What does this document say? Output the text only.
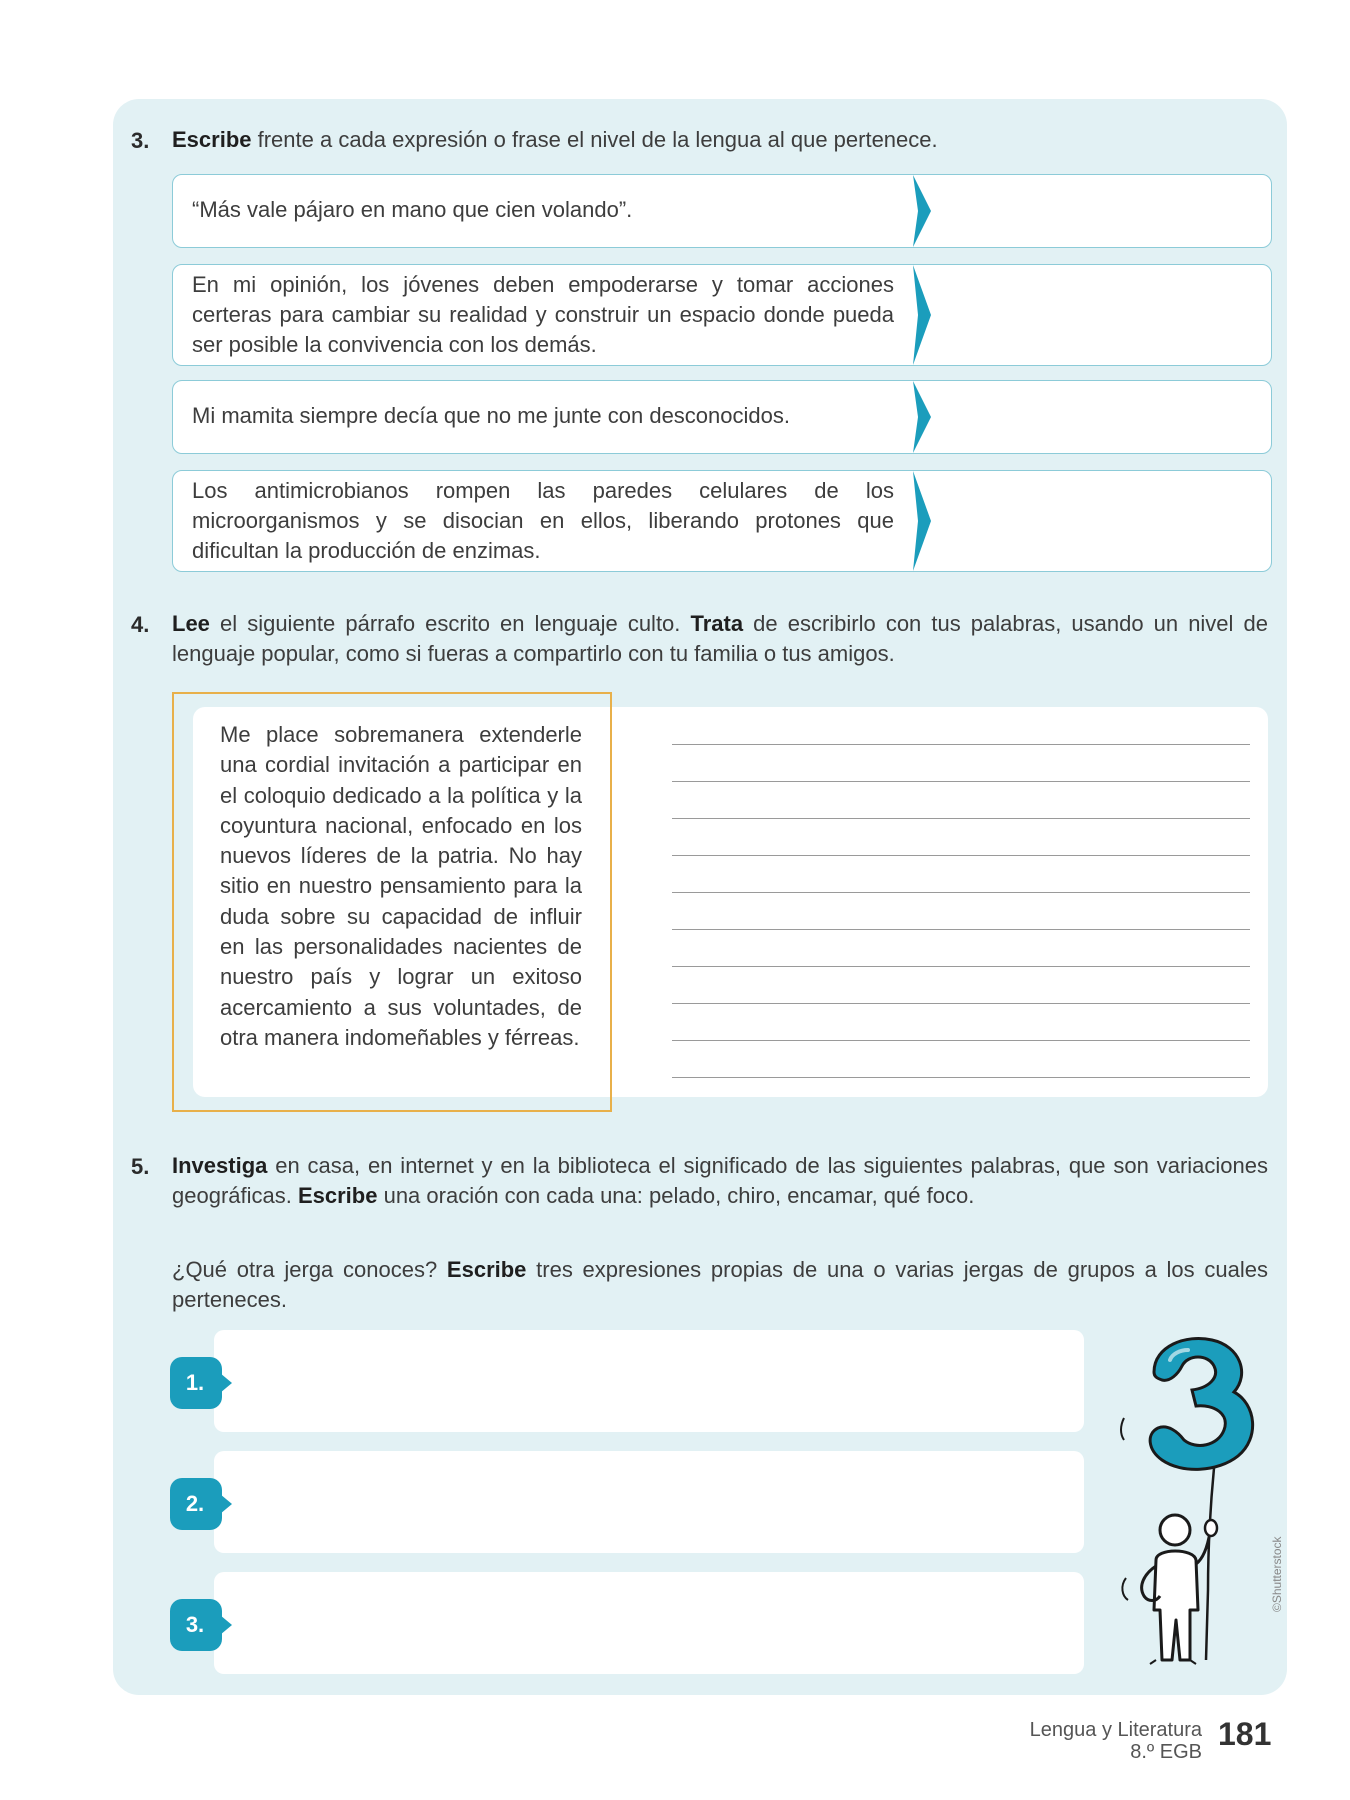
3. Escribe frente a cada expresión o frase el nivel de la lengua al que pertenece.
“Más vale pájaro en mano que cien volando”.
En mi opinión, los jóvenes deben empoderarse y tomar acciones certeras para cambiar su realidad y construir un espacio donde pueda ser posible la convivencia con los demás.
Mi mamita siempre decía que no me junte con desconocidos.
Los antimicrobianos rompen las paredes celulares de los microorganismos y se disocian en ellos, liberando protones que dificultan la producción de enzimas.
4. Lee el siguiente párrafo escrito en lenguaje culto. Trata de escribirlo con tus palabras, usando un nivel de lenguaje popular, como si fueras a compartirlo con tu familia o tus amigos.
Me place sobremanera extenderle una cordial invitación a participar en el coloquio dedicado a la política y la coyuntura nacional, enfocado en los nuevos líderes de la patria. No hay sitio en nuestro pensamiento para la duda sobre su capacidad de influir en las personalidades nacientes de nuestro país y lograr un exitoso acercamiento a sus voluntades, de otra manera indomeñables y férreas.
5. Investiga en casa, en internet y en la biblioteca el significado de las siguientes palabras, que son variaciones geográficas. Escribe una oración con cada una: pelado, chiro, encamar, qué foco.
¿Qué otra jerga conoces? Escribe tres expresiones propias de una o varias jergas de grupos a los cuales perteneces.
1.
2.
3.
©Shutterstock
Lengua y Literatura
8.º EGB 181
